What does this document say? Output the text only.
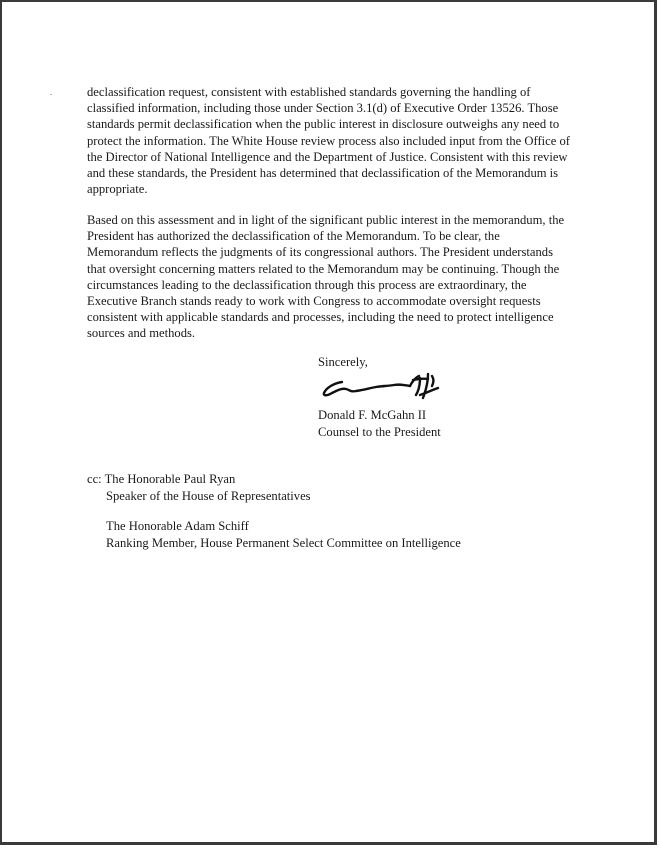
declassification request, consistent with established standards governing the handling of
classified information, including those under Section 3.1(d) of Executive Order 13526. Those
standards permit declassification when the public interest in disclosure outweighs any need to
protect the information. The White House review process also included input from the Office of
the Director of National Intelligence and the Department of Justice. Consistent with this review
and these standards, the President has determined that declassification of the Memorandum is
appropriate.

Based on this assessment and in light of the significant public interest in the memorandum, the
President has authorized the declassification of the Memorandum. To be clear, the
Memorandum reflects the judgments of its congressional authors. The President understands
that oversight concerning matters related to the Memorandum may be continuing. Though the
circumstances leading to the declassification through this process are extraordinary, the
Executive Branch stands ready to work with Congress to accommodate oversight requests
consistent with applicable standards and processes, including the need to protect intelligence
sources and methods.

Sincerely,
Donald F. McGahn II
Counsel to the President
cc: The Honorable Paul Ryan
Speaker of the House of Representatives
The Honorable Adam Schiff
Ranking Member, House Permanent Select Committee on Intelligence
